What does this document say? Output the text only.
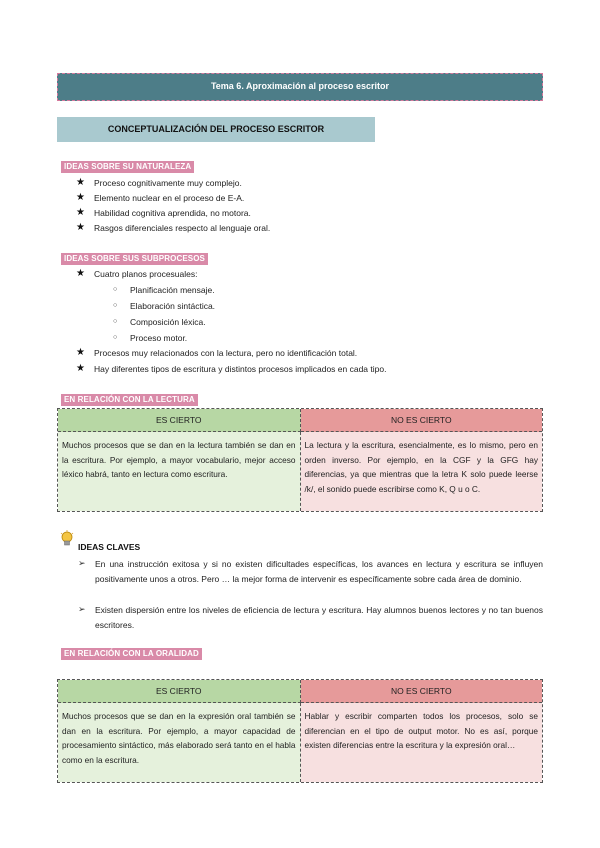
Tema 6. Aproximación al proceso escritor
CONCEPTUALIZACIÓN DEL PROCESO ESCRITOR
IDEAS SOBRE SU NATURALEZA
★ Proceso cognitivamente muy complejo.
★ Elemento nuclear en el proceso de E-A.
★ Habilidad cognitiva aprendida, no motora.
★ Rasgos diferenciales respecto al lenguaje oral.
IDEAS SOBRE SUS SUBPROCESOS
★ Cuatro planos procesuales:
○ Planificación mensaje.
○ Elaboración sintáctica.
○ Composición léxica.
○ Proceso motor.
★ Procesos muy relacionados con la lectura, pero no identificación total.
★ Hay diferentes tipos de escritura y distintos procesos implicados en cada tipo.
EN RELACIÓN CON LA LECTURA
ES CIERTO	NO ES CIERTO
Muchos procesos que se dan en la lectura también se dan en la escritura. Por ejemplo, a mayor vocabulario, mejor acceso léxico habrá, tanto en lectura como escritura.
La lectura y la escritura, esencialmente, es lo mismo, pero en orden inverso. Por ejemplo, en la CGF y la GFG hay diferencias, ya que mientras que la letra K solo puede leerse /k/, el sonido puede escribirse como K, Q u o C.
IDEAS CLAVES
➢ En una instrucción exitosa y si no existen dificultades específicas, los avances en lectura y escritura se influyen positivamente unos a otros. Pero … la mejor forma de intervenir es específicamente sobre cada área de dominio.
➢ Existen dispersión entre los niveles de eficiencia de lectura y escritura. Hay alumnos buenos lectores y no tan buenos escritores.
EN RELACIÓN CON LA ORALIDAD
ES CIERTO	NO ES CIERTO
Muchos procesos que se dan en la expresión oral también se dan en la escritura. Por ejemplo, a mayor capacidad de procesamiento sintáctico, más elaborado será tanto en el habla como en la escritura.
Hablar y escribir comparten todos los procesos, solo se diferencian en el tipo de output motor. No es así, porque existen diferencias entre la escritura y la expresión oral…
